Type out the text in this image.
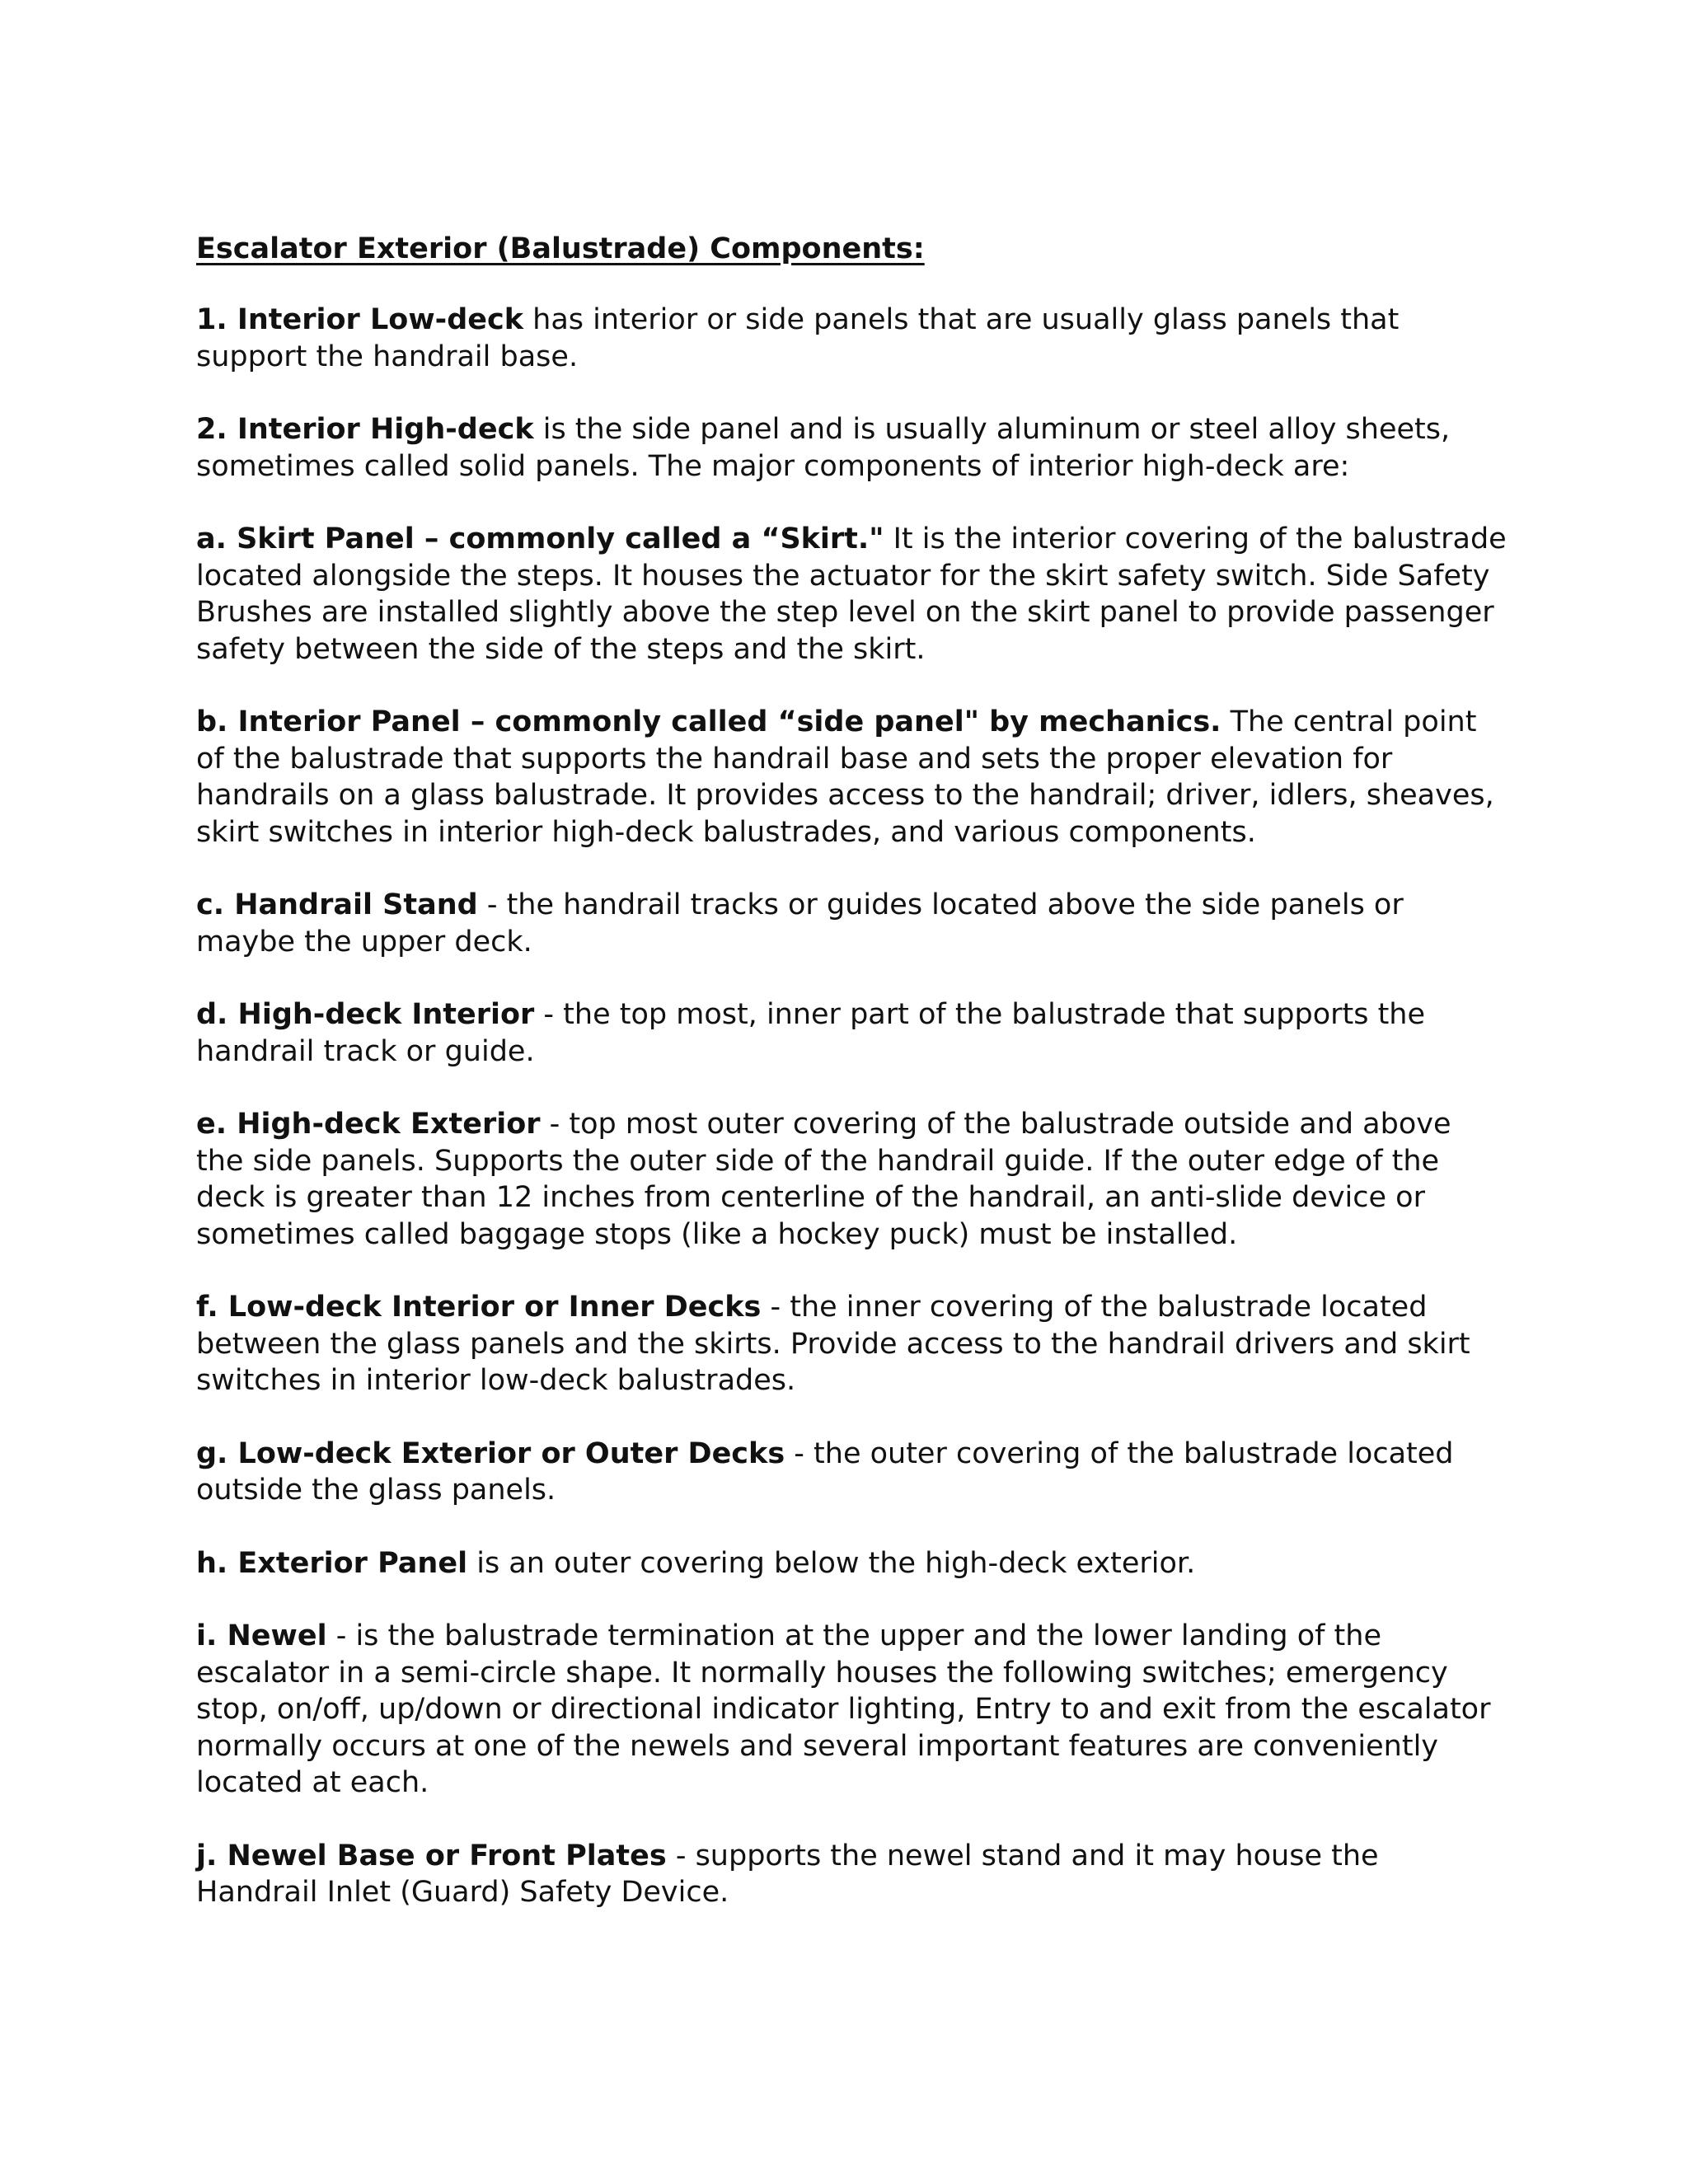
Escalator Exterior (Balustrade) Components:

1. Interior Low-deck has interior or side panels that are usually glass panels that support the handrail base.

2. Interior High-deck is the side panel and is usually aluminum or steel alloy sheets, sometimes called solid panels. The major components of interior high-deck are:

a. Skirt Panel – commonly called a “Skirt." It is the interior covering of the balustrade located alongside the steps. It houses the actuator for the skirt safety switch. Side Safety Brushes are installed slightly above the step level on the skirt panel to provide passenger safety between the side of the steps and the skirt.

b. Interior Panel – commonly called “side panel" by mechanics. The central point of the balustrade that supports the handrail base and sets the proper elevation for handrails on a glass balustrade. It provides access to the handrail; driver, idlers, sheaves, skirt switches in interior high-deck balustrades, and various components.

c. Handrail Stand - the handrail tracks or guides located above the side panels or maybe the upper deck.

d. High-deck Interior - the top most, inner part of the balustrade that supports the handrail track or guide.

e. High-deck Exterior - top most outer covering of the balustrade outside and above the side panels. Supports the outer side of the handrail guide. If the outer edge of the deck is greater than 12 inches from centerline of the handrail, an anti-slide device or sometimes called baggage stops (like a hockey puck) must be installed.

f. Low-deck Interior or Inner Decks - the inner covering of the balustrade located between the glass panels and the skirts. Provide access to the handrail drivers and skirt switches in interior low-deck balustrades.

g. Low-deck Exterior or Outer Decks - the outer covering of the balustrade located outside the glass panels.

h. Exterior Panel is an outer covering below the high-deck exterior.

i. Newel - is the balustrade termination at the upper and the lower landing of the escalator in a semi-circle shape. It normally houses the following switches; emergency stop, on/off, up/down or directional indicator lighting, Entry to and exit from the escalator normally occurs at one of the newels and several important features are conveniently located at each.

j. Newel Base or Front Plates - supports the newel stand and it may house the Handrail Inlet (Guard) Safety Device.
